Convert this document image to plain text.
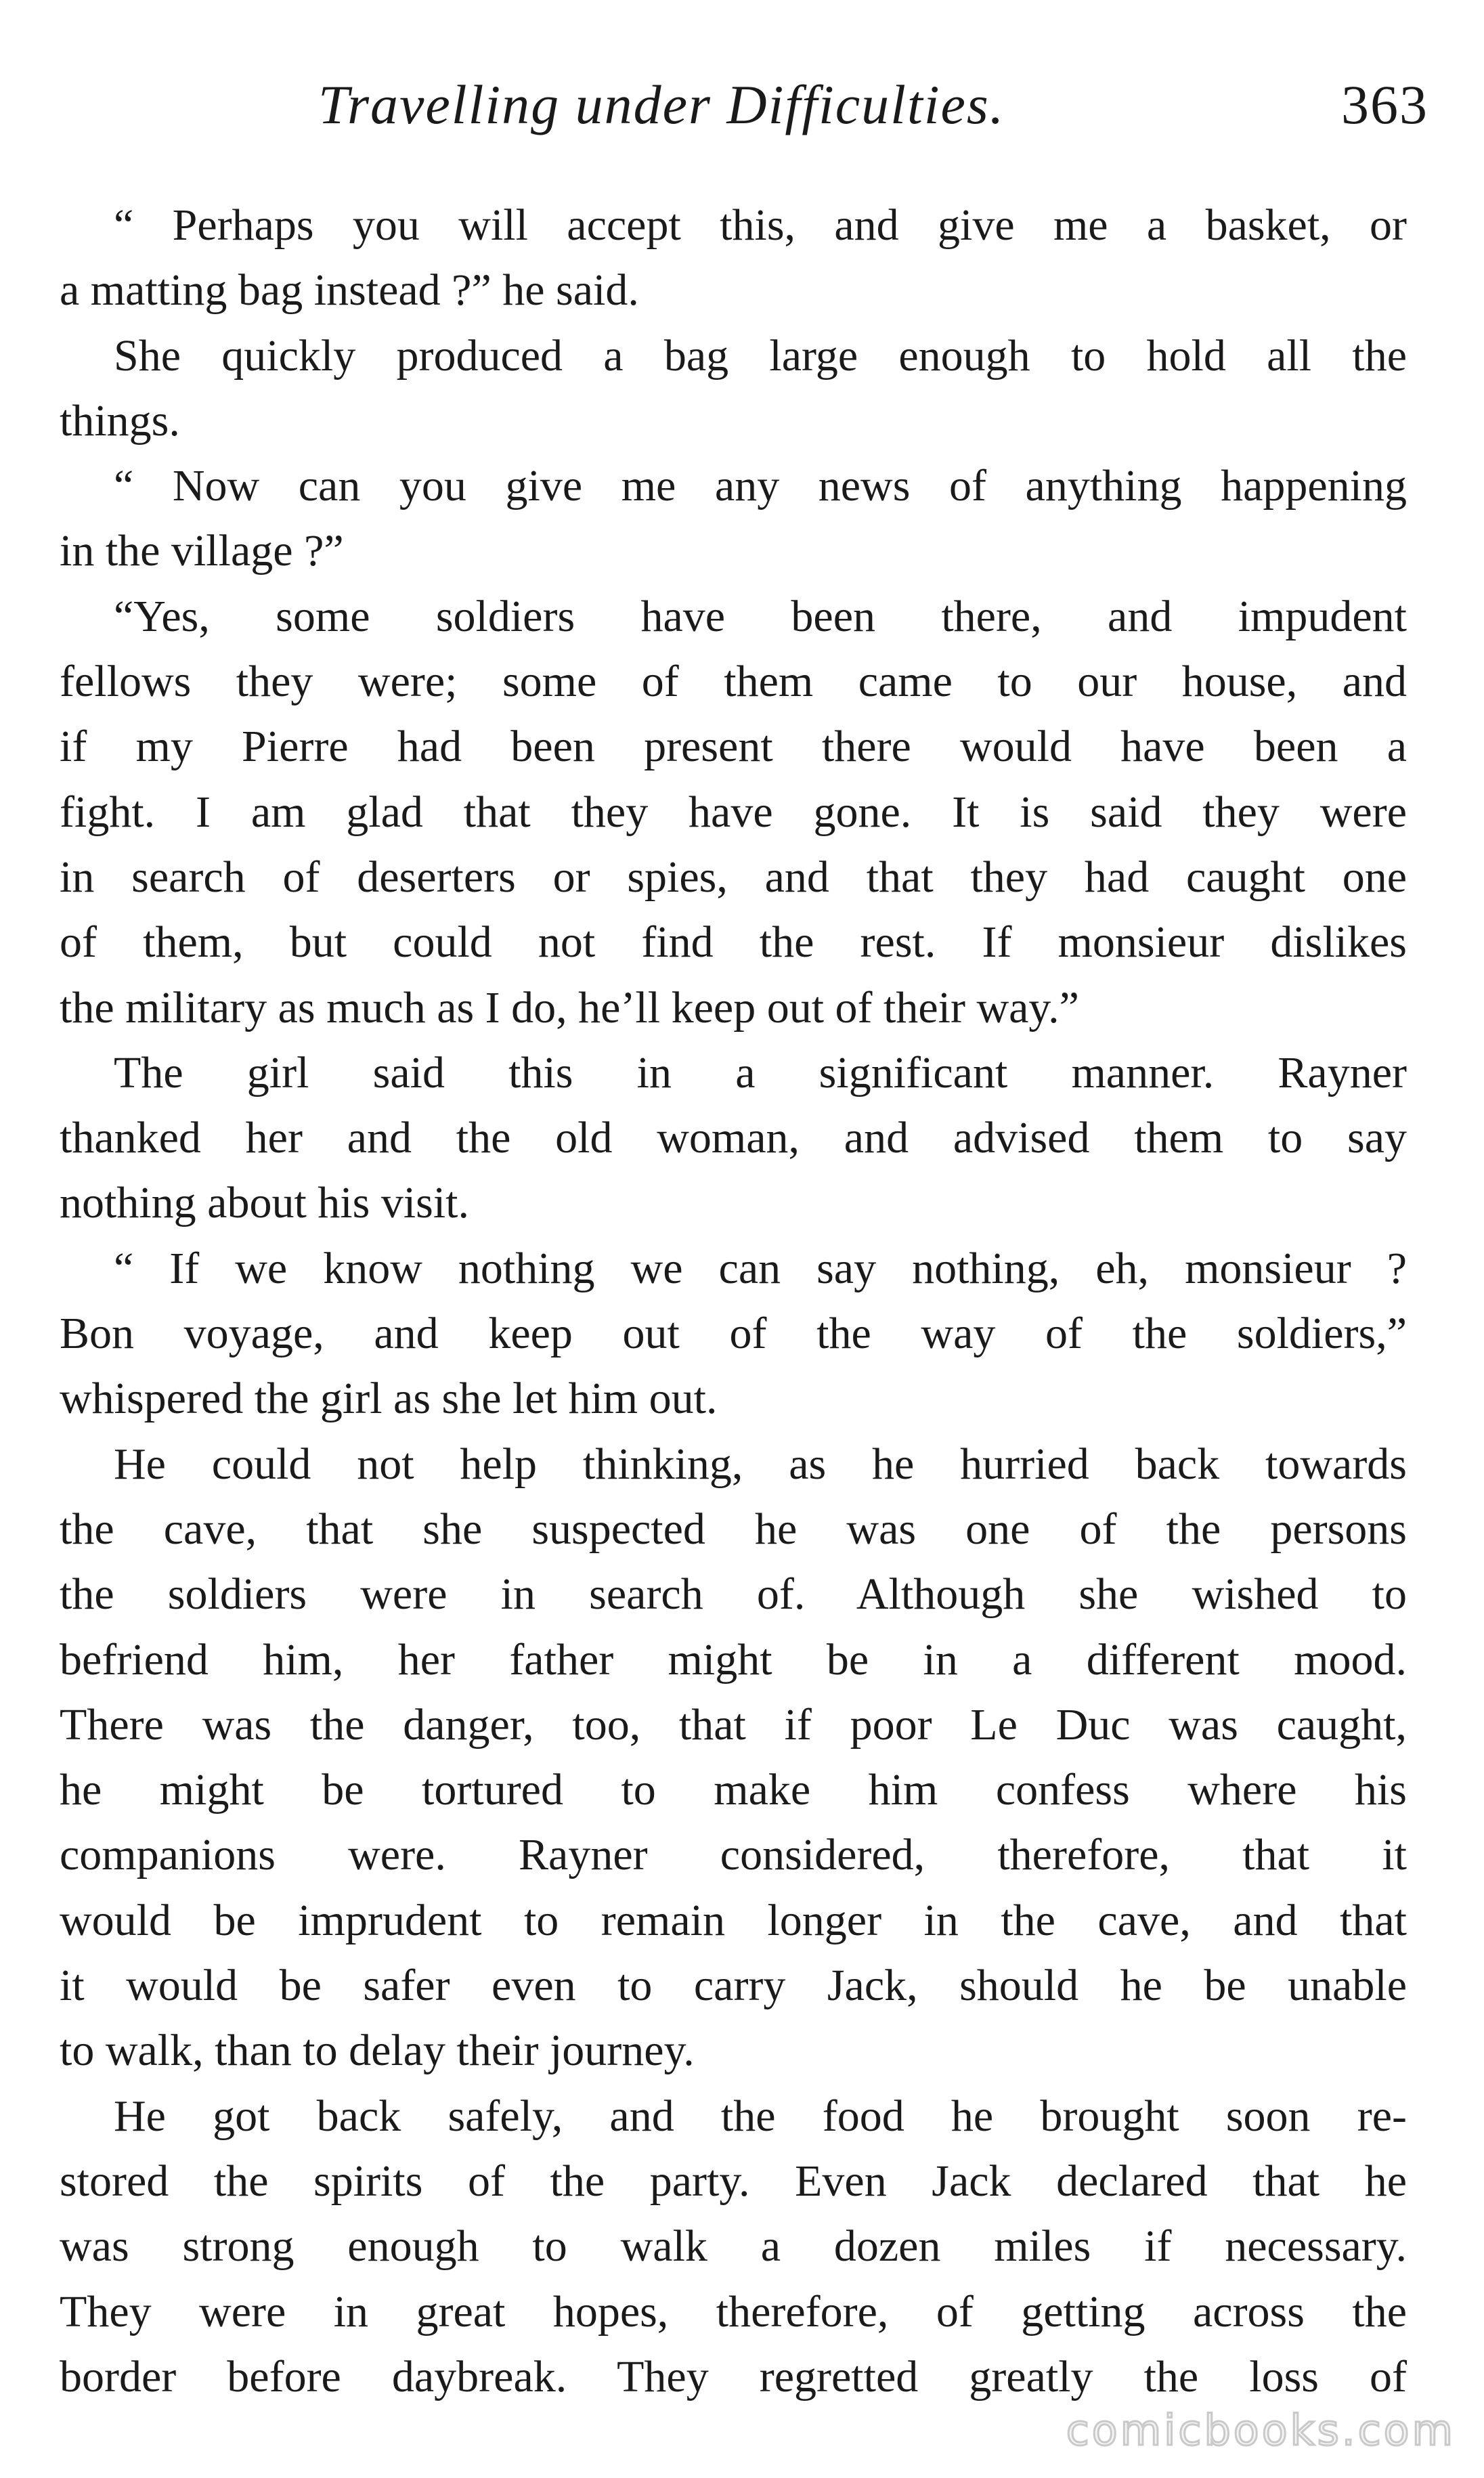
Travelling under Difficulties.	363
“ Perhaps you will accept this, and give me a basket, or
a matting bag instead ?” he said.
She quickly produced a bag large enough to hold all the
things.
“ Now can you give me any news of anything happening
in the village ?”
“Yes, some soldiers have been there, and impudent
fellows they were; some of them came to our house, and
if my Pierre had been present there would have been a
fight. I am glad that they have gone. It is said they were
in search of deserters or spies, and that they had caught one
of them, but could not find the rest. If monsieur dislikes
the military as much as I do, he’ll keep out of their way.”
The girl said this in a significant manner. Rayner
thanked her and the old woman, and advised them to say
nothing about his visit.
“ If we know nothing we can say nothing, eh, monsieur ?
Bon voyage, and keep out of the way of the soldiers,”
whispered the girl as she let him out.
He could not help thinking, as he hurried back towards
the cave, that she suspected he was one of the persons
the soldiers were in search of. Although she wished to
befriend him, her father might be in a different mood.
There was the danger, too, that if poor Le Duc was caught,
he might be tortured to make him confess where his
companions were. Rayner considered, therefore, that it
would be imprudent to remain longer in the cave, and that
it would be safer even to carry Jack, should he be unable
to walk, than to delay their journey.
He got back safely, and the food he brought soon re-
stored the spirits of the party. Even Jack declared that he
was strong enough to walk a dozen miles if necessary.
They were in great hopes, therefore, of getting across the
border before daybreak. They regretted greatly the loss of
comicbooks.com
